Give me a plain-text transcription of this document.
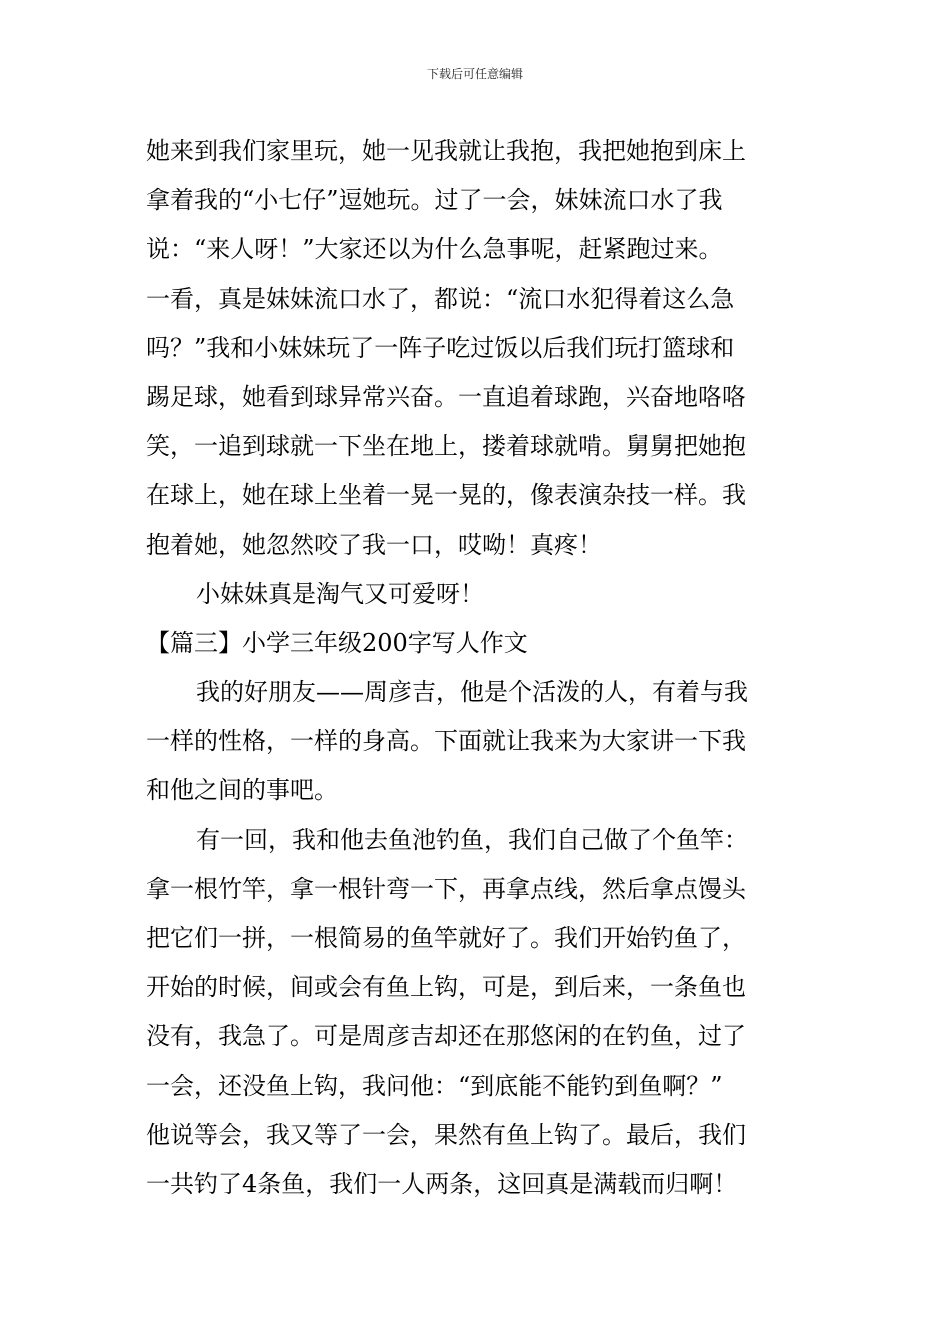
下载后可任意编辑
她来到我们家里玩，她一见我就让我抱，我把她抱到床上
拿着我的“小七仔”逗她玩。过了一会，妹妹流口水了我
说：“来人呀！”大家还以为什么急事呢，赶紧跑过来。
一看，真是妹妹流口水了，都说：“流口水犯得着这么急
吗？”我和小妹妹玩了一阵子吃过饭以后我们玩打篮球和
踢足球，她看到球异常兴奋。一直追着球跑，兴奋地咯咯
笑，一追到球就一下坐在地上，搂着球就啃。舅舅把她抱
在球上，她在球上坐着一晃一晃的，像表演杂技一样。我
抱着她，她忽然咬了我一口，哎呦！真疼！
小妹妹真是淘气又可爱呀！
【篇三】小学三年级200字写人作文
我的好朋友——周彦吉，他是个活泼的人，有着与我
一样的性格，一样的身高。下面就让我来为大家讲一下我
和他之间的事吧。
有一回，我和他去鱼池钓鱼，我们自己做了个鱼竿：
拿一根竹竿，拿一根针弯一下，再拿点线，然后拿点馒头
把它们一拼，一根简易的鱼竿就好了。我们开始钓鱼了，
开始的时候，间或会有鱼上钩，可是，到后来，一条鱼也
没有，我急了。可是周彦吉却还在那悠闲的在钓鱼，过了
一会，还没鱼上钩，我问他：“到底能不能钓到鱼啊？”
他说等会，我又等了一会，果然有鱼上钩了。最后，我们
一共钓了4条鱼，我们一人两条，这回真是满载而归啊！
